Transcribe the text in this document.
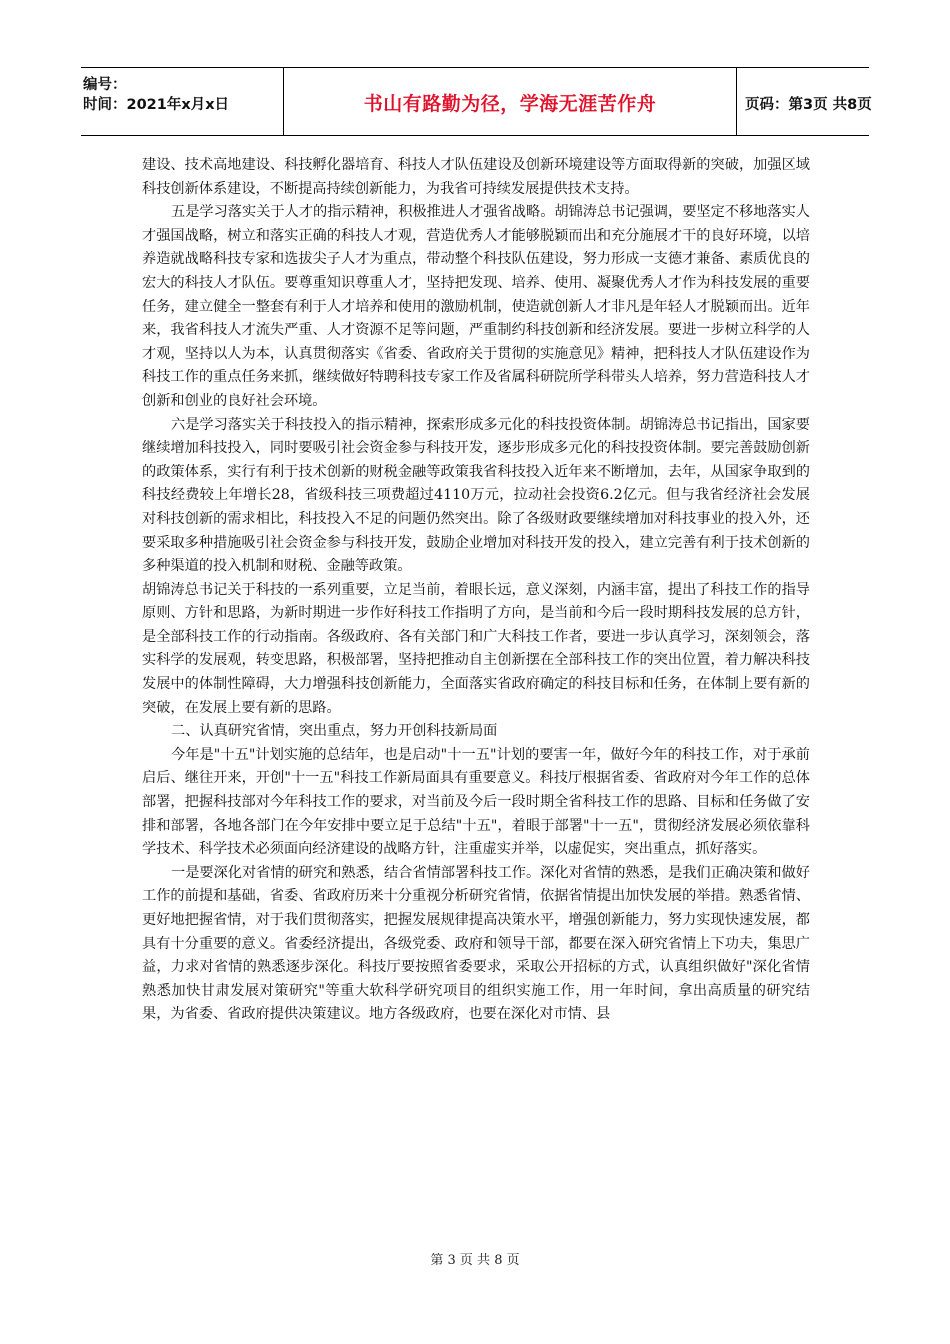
编号：
时间：2021年x月x日	书山有路勤为径，学海无涯苦作舟	页码：第3页 共8页

建设、技术高地建设、科技孵化器培育、科技人才队伍建设及创新环境建设等方面取得新的突破，加强区域科技创新体系建设，不断提高持续创新能力，为我省可持续发展提供技术支持。

五是学习落实关于人才的指示精神，积极推进人才强省战略。胡锦涛总书记强调，要坚定不移地落实人才强国战略，树立和落实正确的科技人才观，营造优秀人才能够脱颖而出和充分施展才干的良好环境，以培养造就战略科技专家和选拔尖子人才为重点，带动整个科技队伍建设，努力形成一支德才兼备、素质优良的宏大的科技人才队伍。要尊重知识尊重人才，坚持把发现、培养、使用、凝聚优秀人才作为科技发展的重要任务，建立健全一整套有利于人才培养和使用的激励机制，使造就创新人才非凡是年轻人才脱颖而出。近年来，我省科技人才流失严重、人才资源不足等问题，严重制约科技创新和经济发展。要进一步树立科学的人才观，坚持以人为本，认真贯彻落实《省委、省政府关于贯彻的实施意见》精神，把科技人才队伍建设作为科技工作的重点任务来抓，继续做好特聘科技专家工作及省属科研院所学科带头人培养，努力营造科技人才创新和创业的良好社会环境。

六是学习落实关于科技投入的指示精神，探索形成多元化的科技投资体制。胡锦涛总书记指出，国家要继续增加科技投入，同时要吸引社会资金参与科技开发，逐步形成多元化的科技投资体制。要完善鼓励创新的政策体系，实行有利于技术创新的财税金融等政策我省科技投入近年来不断增加，去年，从国家争取到的科技经费较上年增长28，省级科技三项费超过4110万元，拉动社会投资6.2亿元。但与我省经济社会发展对科技创新的需求相比，科技投入不足的问题仍然突出。除了各级财政要继续增加对科技事业的投入外，还要采取多种措施吸引社会资金参与科技开发，鼓励企业增加对科技开发的投入，建立完善有利于技术创新的多种渠道的投入机制和财税、金融等政策。

胡锦涛总书记关于科技的一系列重要，立足当前，着眼长远，意义深刻，内涵丰富，提出了科技工作的指导原则、方针和思路，为新时期进一步作好科技工作指明了方向，是当前和今后一段时期科技发展的总方针，是全部科技工作的行动指南。各级政府、各有关部门和广大科技工作者，要进一步认真学习，深刻领会，落实科学的发展观，转变思路，积极部署，坚持把推动自主创新摆在全部科技工作的突出位置，着力解决科技发展中的体制性障碍，大力增强科技创新能力，全面落实省政府确定的科技目标和任务，在体制上要有新的突破，在发展上要有新的思路。

二、认真研究省情，突出重点，努力开创科技新局面

今年是"十五"计划实施的总结年，也是启动"十一五"计划的要害一年，做好今年的科技工作，对于承前启后、继往开来，开创"十一五"科技工作新局面具有重要意义。科技厅根据省委、省政府对今年工作的总体部署，把握科技部对今年科技工作的要求，对当前及今后一段时期全省科技工作的思路、目标和任务做了安排和部署，各地各部门在今年安排中要立足于总结"十五"，着眼于部署"十一五"，贯彻经济发展必须依靠科学技术、科学技术必须面向经济建设的战略方针，注重虚实并举，以虚促实，突出重点，抓好落实。

一是要深化对省情的研究和熟悉，结合省情部署科技工作。深化对省情的熟悉，是我们正确决策和做好工作的前提和基础，省委、省政府历来十分重视分析研究省情，依据省情提出加快发展的举措。熟悉省情、更好地把握省情，对于我们贯彻落实，把握发展规律提高决策水平，增强创新能力，努力实现快速发展，都具有十分重要的意义。省委经济提出，各级党委、政府和领导干部，都要在深入研究省情上下功夫，集思广益，力求对省情的熟悉逐步深化。科技厅要按照省委要求，采取公开招标的方式，认真组织做好"深化省情熟悉加快甘肃发展对策研究"等重大软科学研究项目的组织实施工作，用一年时间，拿出高质量的研究结果，为省委、省政府提供决策建议。地方各级政府，也要在深化对市情、县

第 3 页 共 8 页
